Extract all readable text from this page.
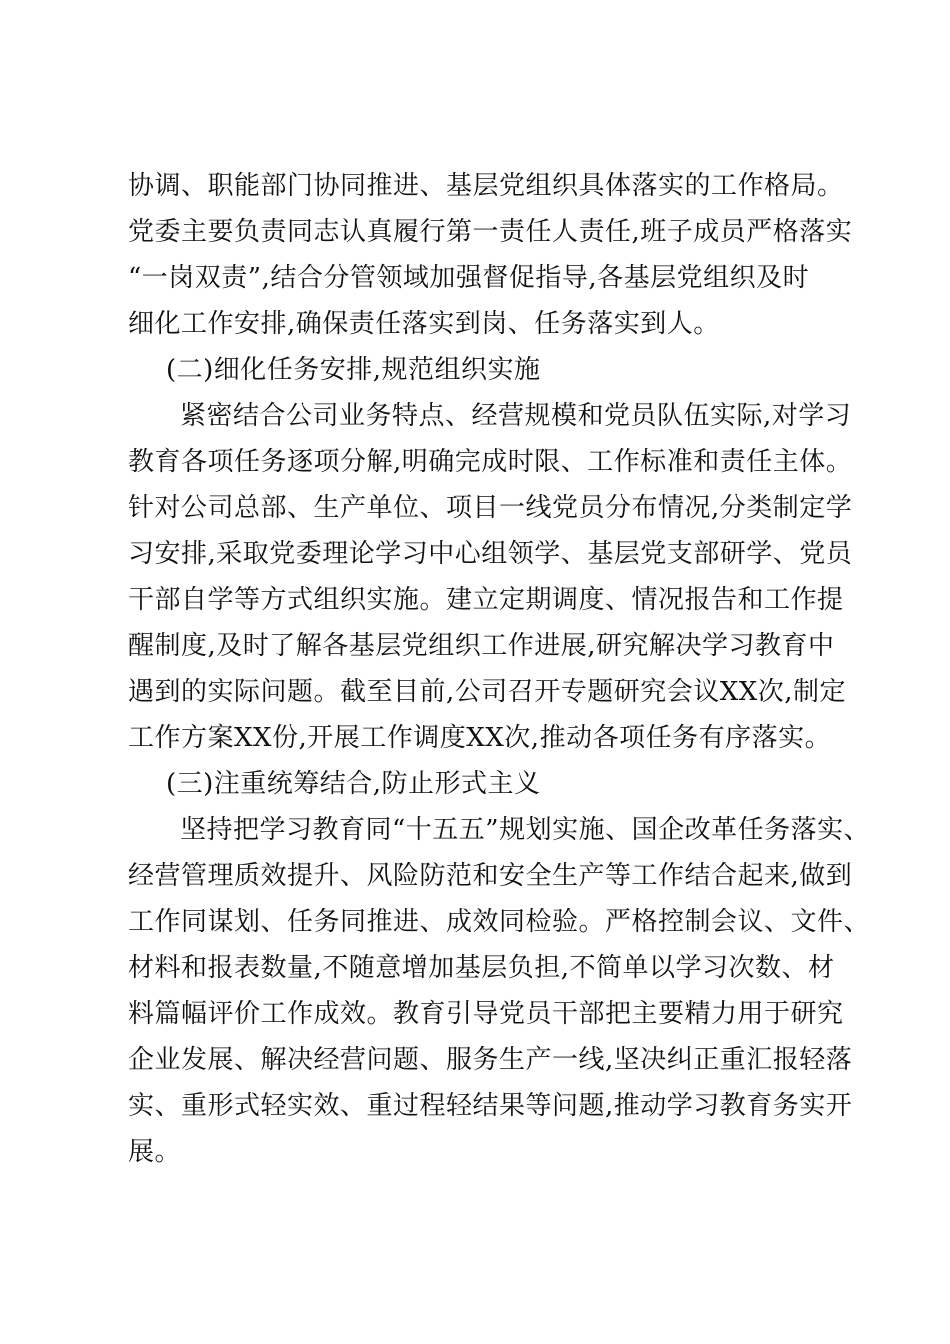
协调、职能部门协同推进、基层党组织具体落实的工作格局。
党委主要负责同志认真履行第一责任人责任,班子成员严格落实
“一岗双责”,结合分管领域加强督促指导,各基层党组织及时
细化工作安排,确保责任落实到岗、任务落实到人。
(二)细化任务安排,规范组织实施
紧密结合公司业务特点、经营规模和党员队伍实际,对学习
教育各项任务逐项分解,明确完成时限、工作标准和责任主体。
针对公司总部、生产单位、项目一线党员分布情况,分类制定学
习安排,采取党委理论学习中心组领学、基层党支部研学、党员
干部自学等方式组织实施。建立定期调度、情况报告和工作提
醒制度,及时了解各基层党组织工作进展,研究解决学习教育中
遇到的实际问题。截至目前,公司召开专题研究会议XX次,制定
工作方案XX份,开展工作调度XX次,推动各项任务有序落实。
(三)注重统筹结合,防止形式主义
坚持把学习教育同“十五五”规划实施、国企改革任务落实、
经营管理质效提升、风险防范和安全生产等工作结合起来,做到
工作同谋划、任务同推进、成效同检验。严格控制会议、文件、
材料和报表数量,不随意增加基层负担,不简单以学习次数、材
料篇幅评价工作成效。教育引导党员干部把主要精力用于研究
企业发展、解决经营问题、服务生产一线,坚决纠正重汇报轻落
实、重形式轻实效、重过程轻结果等问题,推动学习教育务实开
展。
